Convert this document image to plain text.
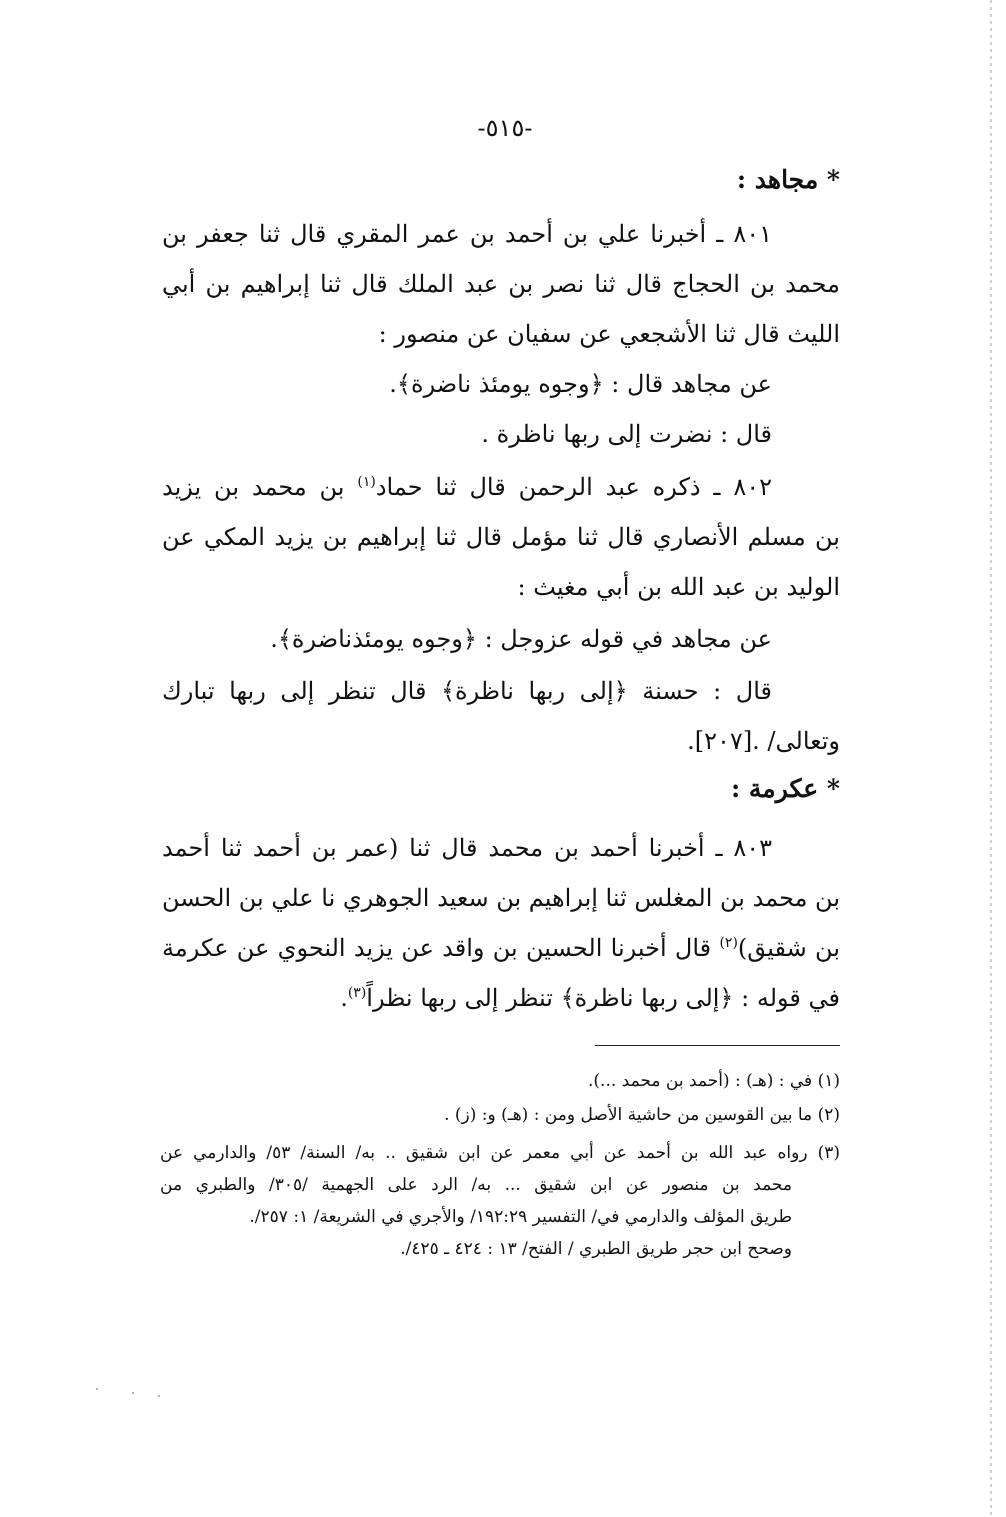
-٥١٥-
* مجاهد :
٨٠١ ـ أخبرنا علي بن أحمد بن عمر المقري قال ثنا جعفر بن
محمد بن الحجاج قال ثنا نصر بن عبد الملك قال ثنا إبراهيم بن أبي
الليث قال ثنا الأشجعي عن سفيان عن منصور :
عن مجاهد قال : ﴿وجوه يومئذ ناضرة﴾.
قال : نضرت إلى ربها ناظرة .
٨٠٢ ـ ذكره عبد الرحمن قال ثنا حماد$^{(١)}$ بن محمد بن يزيد
بن مسلم الأنصاري قال ثنا مؤمل قال ثنا إبراهيم بن يزيد المكي عن
الوليد بن عبد الله بن أبي مغيث :
عن مجاهد في قوله عزوجل : ﴿وجوه يومئذناضرة﴾.
قال : حسنة ﴿إلى ربها ناظرة﴾ قال تنظر إلى ربها تبارك
وتعالى/ .[٢٠٧].
* عكرمة :
٨٠٣ ـ أخبرنا أحمد بن محمد قال ثنا (عمر بن أحمد ثنا أحمد
بن محمد بن المغلس ثنا إبراهيم بن سعيد الجوهري نا علي بن الحسن
بن شقيق)$^{(٢)}$ قال أخبرنا الحسين بن واقد عن يزيد النحوي عن عكرمة
في قوله : ﴿إلى ربها ناظرة﴾ تنظر إلى ربها نظراً$^{(٣)}$.
(١) في : (هـ) : (أحمد بن محمد ...).
(٢) ما بين القوسين من حاشية الأصل ومن : (هـ) و: (ز) .
(٣) رواه عبد الله بن أحمد عن أبي معمر عن ابن شقيق .. به/ السنة/ ٥٣/ والدارمي عن
محمد بن منصور عن ابن شقيق ... به/ الرد على الجهمية /٣٠٥/ والطبري من
طريق المؤلف والدارمي في/ التفسير ١٩٢:٢٩/ والأجري في الشريعة/ ١: ٢٥٧/.
وصحح ابن حجر طريق الطبري / الفتح/ ١٣ : ٤٢٤ ـ ٤٢٥/.
